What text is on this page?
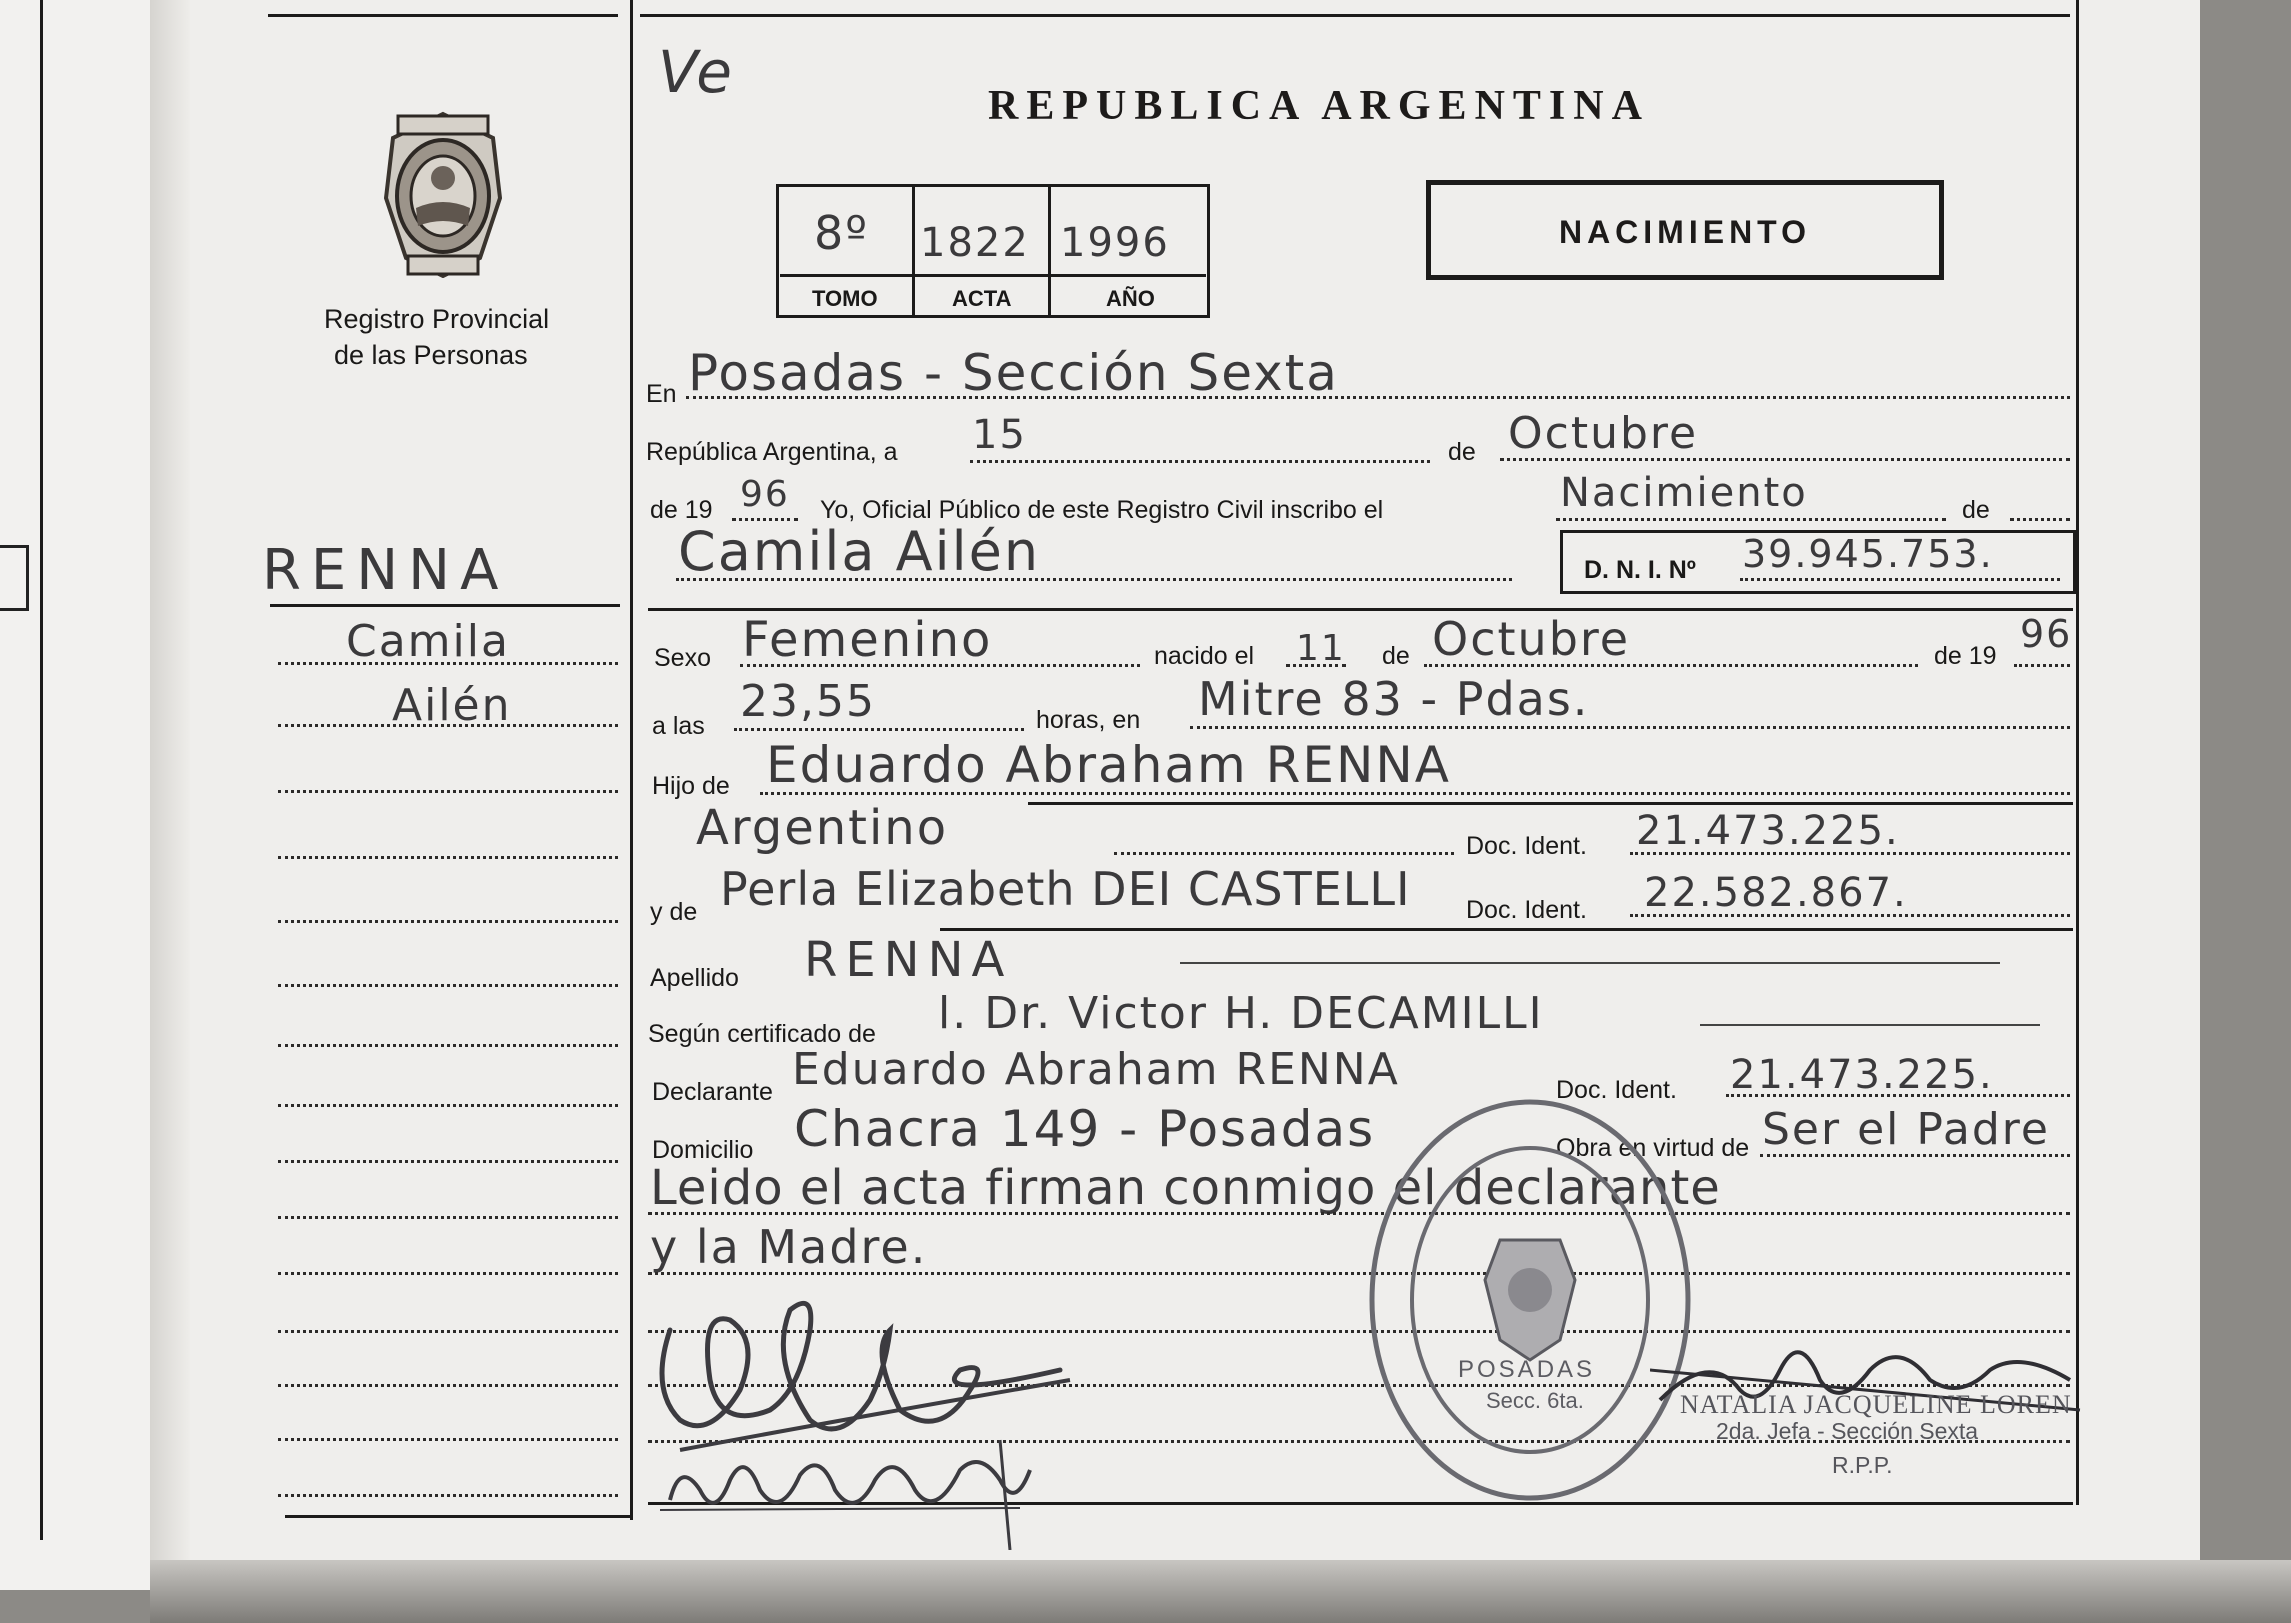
Ve
Registro Provincial
de las Personas
REPUBLICA ARGENTINA
8º 1822 1996
TOMO	ACTA	AÑO
NACIMIENTO
RENNA
Camila
Ailén
En Posadas - Sección Sexta
República Argentina, a 15	de Octubre
de 19 96 Yo, Oficial Público de este Registro Civil inscribo el	Nacimiento	de
Camila Ailén	D. N. I. Nº 39.945.753.
Sexo Femenino	nacido el 11 de Octubre	de 19 96
a las 23,55	horas, en Mitre 83 - Pdas.
Hijo de Eduardo Abraham RENNA
Argentino	Doc. Ident. 21.473.225.
y de Perla Elizabeth DEI CASTELLI Doc. Ident. 22.582.867.
Apellido RENNA
Según certificado de l. Dr. Victor H. DECAMILLI
Declarante Eduardo Abraham RENNA	Doc. Ident. 21.473.225.
Domicilio Chacra 149 - Posadas	Obra en virtud de Ser el Padre
Leido el acta firman conmigo el declarante
y la Madre.
POSADAS
Secc. 6ta.	NATALIA JACQUELINE LOREN
2da. Jefa - Sección Sexta
R.P.P.
